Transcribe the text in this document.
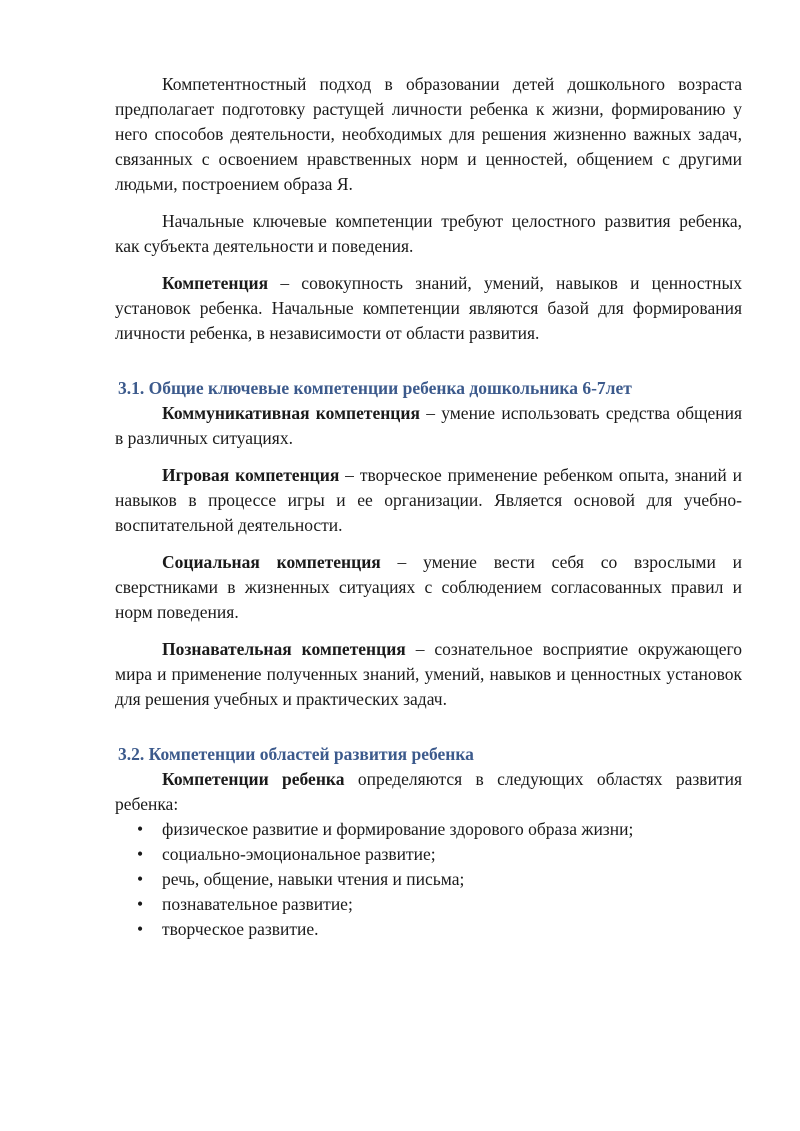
Компетентностный подход в образовании детей дошкольного возраста предполагает подготовку растущей личности ребенка к жизни, формированию у него способов деятельности, необходимых для решения жизненно важных задач, связанных с освоением нравственных норм и ценностей, общением с другими людьми, построением образа Я.

Начальные ключевые компетенции требуют целостного развития ребенка, как субъекта деятельности и поведения.

Компетенция – совокупность знаний, умений, навыков и ценностных установок ребенка. Начальные компетенции являются базой для формирования личности ребенка, в независимости от области развития.

3.1. Общие ключевые компетенции ребенка дошкольника 6-7лет

Коммуникативная компетенция – умение использовать средства общения в различных ситуациях.

Игровая компетенция – творческое применение ребенком опыта, знаний и навыков в процессе игры и ее организации. Является основой для учебно-воспитательной деятельности.

Социальная компетенция – умение вести себя со взрослыми и сверстниками в жизненных ситуациях с соблюдением согласованных правил и норм поведения.

Познавательная компетенция – сознательное восприятие окружающего мира и применение полученных знаний, умений, навыков и ценностных установок для решения учебных и практических задач.

3.2. Компетенции областей развития ребенка

Компетенции ребенка определяются в следующих областях развития ребенка:

• физическое развитие и формирование здорового образа жизни;
• социально-эмоциональное развитие;
• речь, общение, навыки чтения и письма;
• познавательное развитие;
• творческое развитие.
